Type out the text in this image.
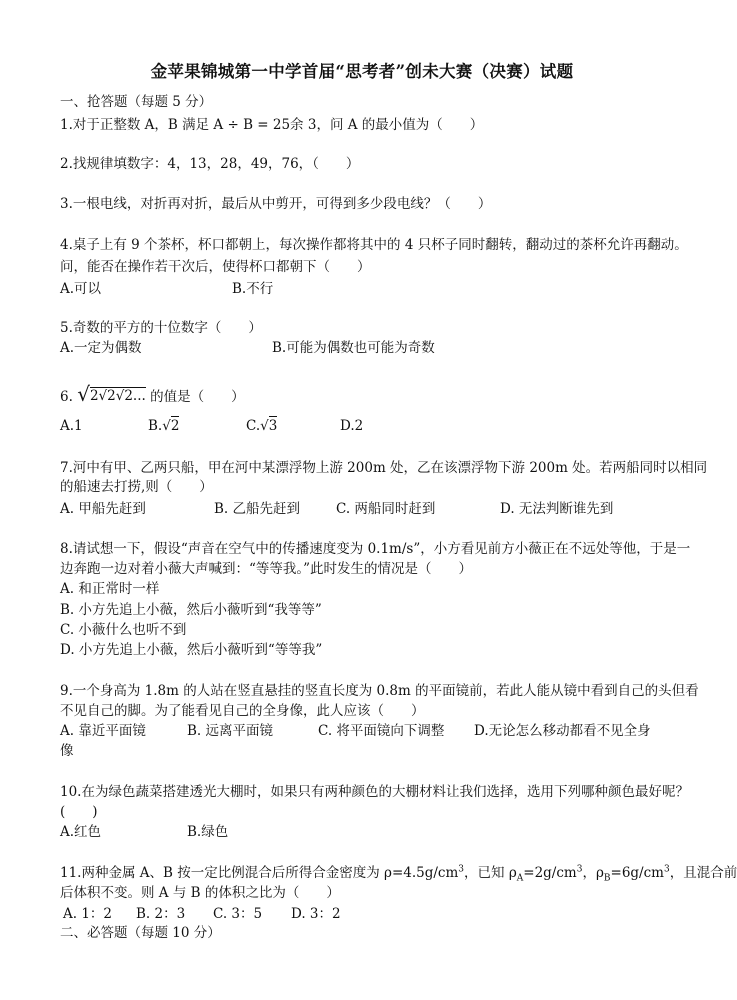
金苹果锦城第一中学首届“思考者”创未大赛（决赛）试题
一、抢答题（每题 5 分）
1.对于正整数 A，B 满足 A ÷ B = 25余 3，问 A 的最小值为（　　）
2.找规律填数字：4，13，28，49，76，（　　）
3.一根电线，对折再对折，最后从中剪开，可得到多少段电线？（　　）
4.桌子上有 9 个茶杯，杯口都朝上，每次操作都将其中的 4 只杯子同时翻转，翻动过的茶杯允许再翻动。
问，能否在操作若干次后，使得杯口都朝下（　　）
A.可以	B.不行
5.奇数的平方的十位数字（　　）
A.一定为偶数	B.可能为偶数也可能为奇数
6. √ 2√2√2... 的值是（　　）
A.1	B.√2	C.√3	D.2
7.河中有甲、乙两只船，甲在河中某漂浮物上游 200m 处，乙在该漂浮物下游 200m 处。若两船同时以相同
的船速去打捞,则（　　）
A. 甲船先赶到	B. 乙船先赶到	C. 两船同时赶到	D. 无法判断谁先到
8.请试想一下，假设“声音在空气中的传播速度变为 0.1m/s”，小方看见前方小薇正在不远处等他，于是一
边奔跑一边对着小薇大声喊到：“等等我。”此时发生的情况是（　　）
A. 和正常时一样
B. 小方先追上小薇，然后小薇听到“我等等”
C. 小薇什么也听不到
D. 小方先追上小薇，然后小薇听到“等等我”
9.一个身高为 1.8m 的人站在竖直悬挂的竖直长度为 0.8m 的平面镜前，若此人能从镜中看到自己的头但看
不见自己的脚。为了能看见自己的全身像，此人应该（　　）
A. 靠近平面镜	B. 远离平面镜	C. 将平面镜向下调整 D.无论怎么移动都看不见全身
像
10.在为绿色蔬菜搭建透光大棚时，如果只有两种颜色的大棚材料让我们选择，选用下列哪种颜色最好呢？
(　　)
A.红色	B.绿色
11.两种金属 A、B 按一定比例混合后所得合金密度为 $\rho=4.5g/cm^3$，已知 $\rho_A=2g/cm^3$，$\rho_B=6g/cm^3$，且混合前
后体积不变。则 A 与 B 的体积之比为（　　）
A. 1：2 B. 2：3 C. 3：5 D. 3：2
二、必答题（每题 10 分）
